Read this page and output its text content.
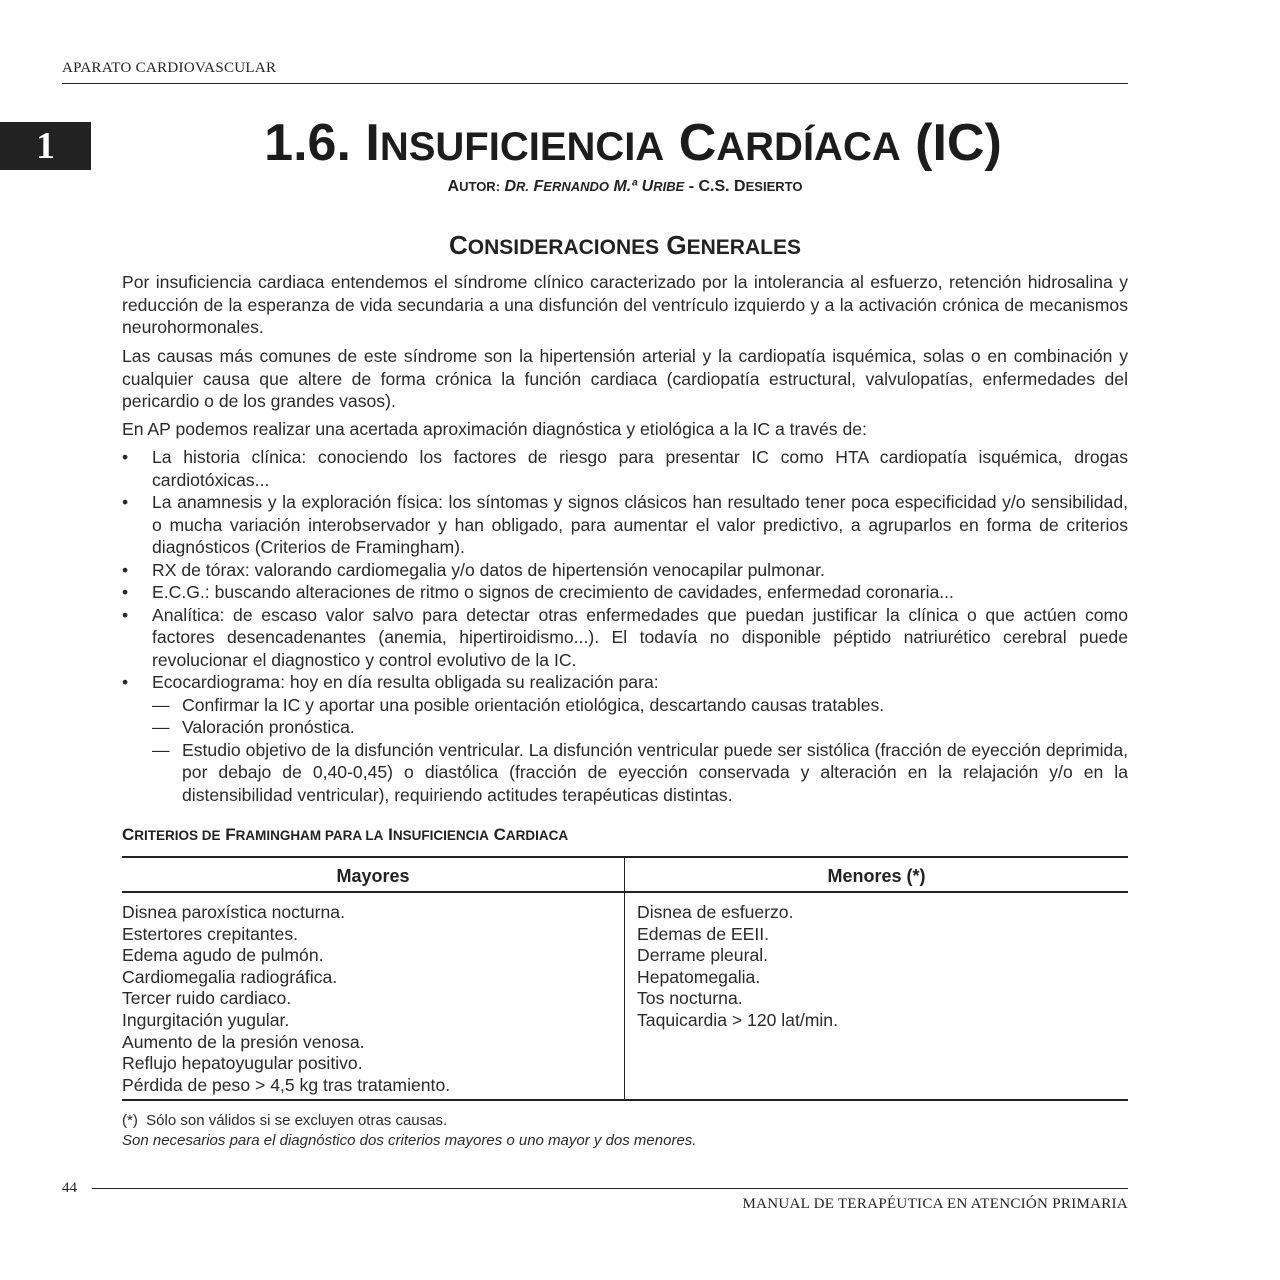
APARATO CARDIOVASCULAR
1	1.6. INSUFICIENCIA CARDÍACA (IC)
AUTOR: DR. FERNANDO M.ª URIBE - C.S. DESIERTO
CONSIDERACIONES GENERALES
Por insuficiencia cardiaca entendemos el síndrome clínico caracterizado por la intolerancia al esfuerzo, retención hidrosalina y reducción de la esperanza de vida secundaria a una disfunción del ventrículo izquierdo y a la activación crónica de mecanismos neurohormonales.
Las causas más comunes de este síndrome son la hipertensión arterial y la cardiopatía isquémica, solas o en combinación y cualquier causa que altere de forma crónica la función cardiaca (cardiopatía estructural, valvulopatías, enfermedades del pericardio o de los grandes vasos).
En AP podemos realizar una acertada aproximación diagnóstica y etiológica a la IC a través de:
• La historia clínica: conociendo los factores de riesgo para presentar IC como HTA cardiopatía isquémica, drogas cardiotóxicas...
• La anamnesis y la exploración física: los síntomas y signos clásicos han resultado tener poca especificidad y/o sensibilidad, o mucha variación interobservador y han obligado, para aumentar el valor predictivo, a agruparlos en forma de criterios diagnósticos (Criterios de Framingham).
• RX de tórax: valorando cardiomegalia y/o datos de hipertensión venocapilar pulmonar.
• E.C.G.: buscando alteraciones de ritmo o signos de crecimiento de cavidades, enfermedad coronaria...
• Analítica: de escaso valor salvo para detectar otras enfermedades que puedan justificar la clínica o que actúen como factores desencadenantes (anemia, hipertiroidismo...). El todavía no disponible péptido natriurético cerebral puede revolucionar el diagnostico y control evolutivo de la IC.
• Ecocardiograma: hoy en día resulta obligada su realización para:
— Confirmar la IC y aportar una posible orientación etiológica, descartando causas tratables.
— Valoración pronóstica.
— Estudio objetivo de la disfunción ventricular. La disfunción ventricular puede ser sistólica (fracción de eyección deprimida, por debajo de 0,40-0,45) o diastólica (fracción de eyección conservada y alteración en la relajación y/o en la distensibilidad ventricular), requiriendo actitudes terapéuticas distintas.
CRITERIOS DE FRAMINGHAM PARA LA INSUFICIENCIA CARDIACA
Mayores	Menores (*)
Disnea paroxística nocturna.
Estertores crepitantes.
Edema agudo de pulmón.
Cardiomegalia radiográfica.
Tercer ruido cardiaco.
Ingurgitación yugular.
Aumento de la presión venosa.
Reflujo hepatoyugular positivo.
Pérdida de peso > 4,5 kg tras tratamiento.
Disnea de esfuerzo.
Edemas de EEII.
Derrame pleural.
Hepatomegalia.
Tos nocturna.
Taquicardia > 120 lat/min.
(*)  Sólo son válidos si se excluyen otras causas.
Son necesarios para el diagnóstico dos criterios mayores o uno mayor y dos menores.
44
MANUAL DE TERAPÉUTICA EN ATENCIÓN PRIMARIA
